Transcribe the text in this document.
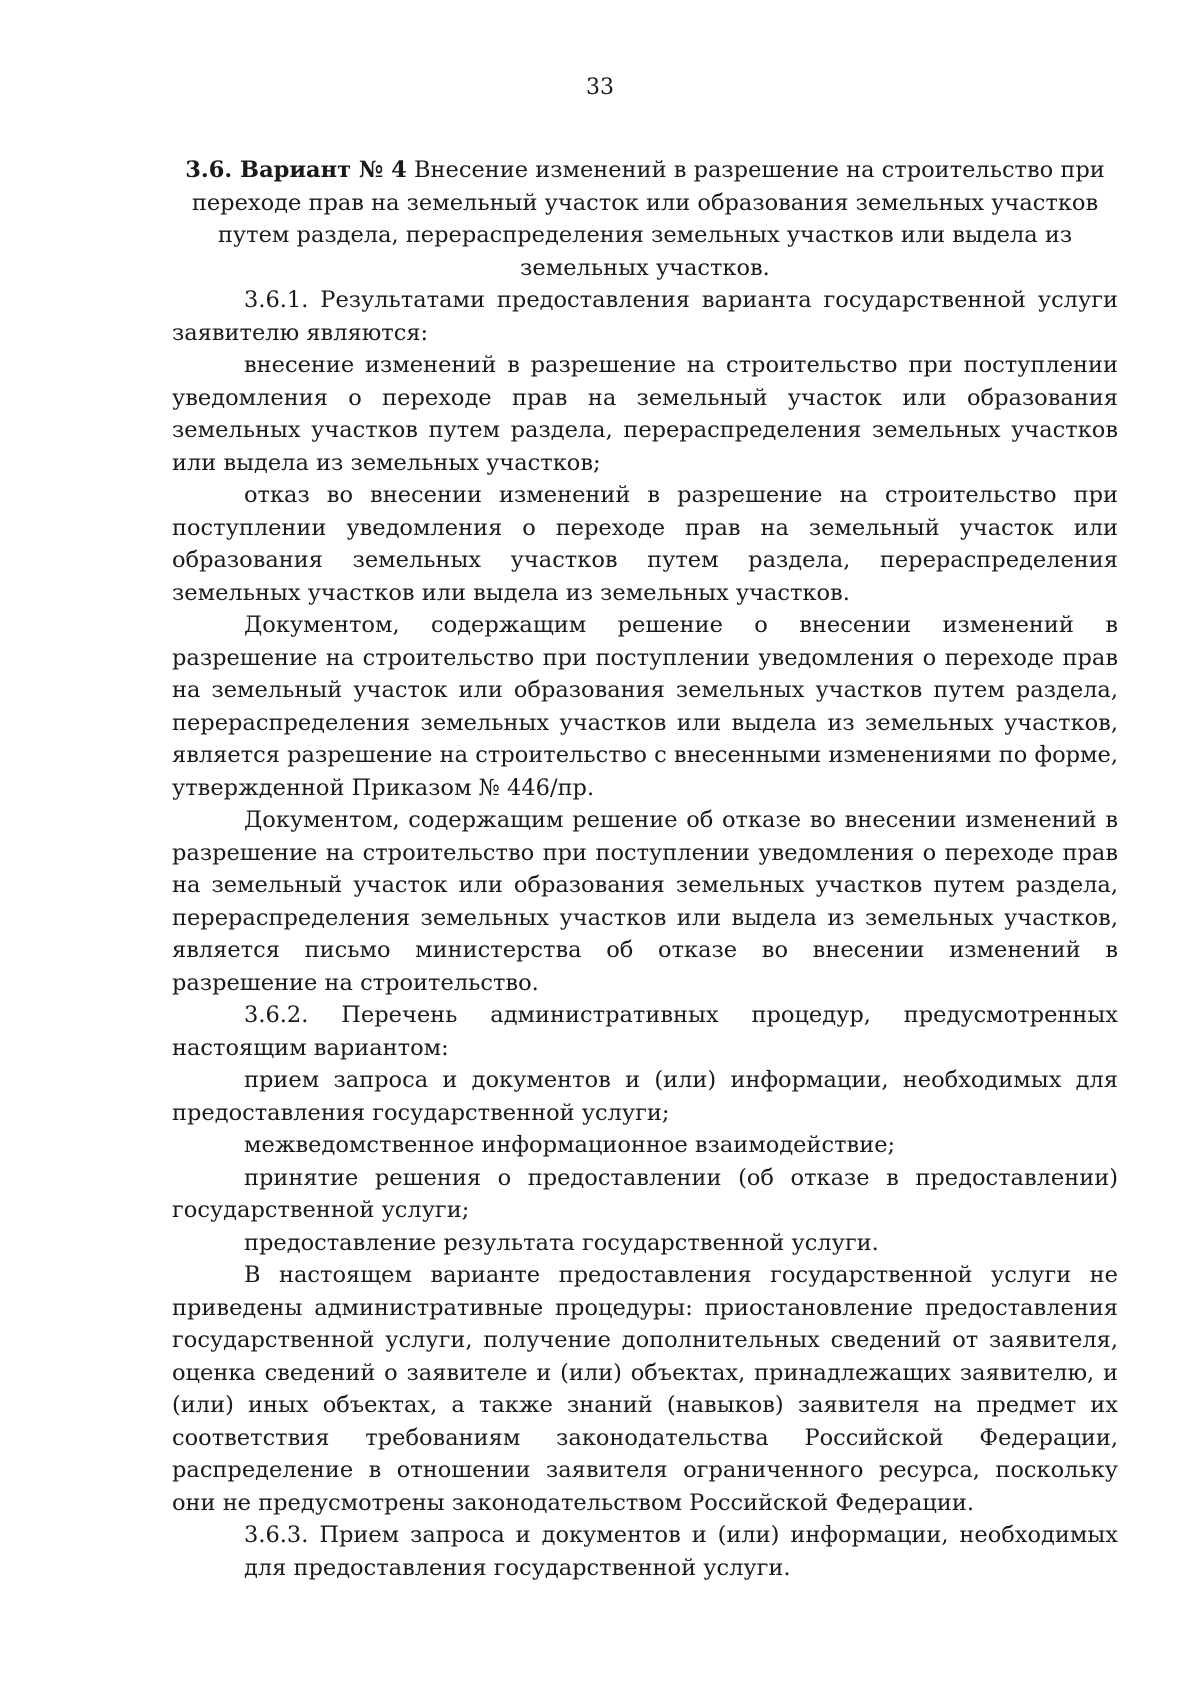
33

3.6. Вариант № 4 Внесение изменений в разрешение на строительство при переходе прав на земельный участок или образования земельных участков путем раздела, перераспределения земельных участков или выдела из земельных участков.

3.6.1. Результатами предоставления варианта государственной услуги заявителю являются:

внесение изменений в разрешение на строительство при поступлении уведомления о переходе прав на земельный участок или образования земельных участков путем раздела, перераспределения земельных участков или выдела из земельных участков;

отказ во внесении изменений в разрешение на строительство при поступлении уведомления о переходе прав на земельный участок или образования земельных участков путем раздела, перераспределения земельных участков или выдела из земельных участков.

Документом, содержащим решение о внесении изменений в разрешение на строительство при поступлении уведомления о переходе прав на земельный участок или образования земельных участков путем раздела, перераспределения земельных участков или выдела из земельных участков, является разрешение на строительство с внесенными изменениями по форме, утвержденной Приказом № 446/пр.

Документом, содержащим решение об отказе во внесении изменений в разрешение на строительство при поступлении уведомления о переходе прав на земельный участок или образования земельных участков путем раздела, перераспределения земельных участков или выдела из земельных участков, является письмо министерства об отказе во внесении изменений в разрешение на строительство.

3.6.2. Перечень административных процедур, предусмотренных настоящим вариантом:

прием запроса и документов и (или) информации, необходимых для предоставления государственной услуги;

межведомственное информационное взаимодействие;

принятие решения о предоставлении (об отказе в предоставлении) государственной услуги;

предоставление результата государственной услуги.

В настоящем варианте предоставления государственной услуги не приведены административные процедуры: приостановление предоставления государственной услуги, получение дополнительных сведений от заявителя, оценка сведений о заявителе и (или) объектах, принадлежащих заявителю, и (или) иных объектах, а также знаний (навыков) заявителя на предмет их соответствия требованиям законодательства Российской Федерации, распределение в отношении заявителя ограниченного ресурса, поскольку они не предусмотрены законодательством Российской Федерации.

3.6.3. Прием запроса и документов и (или) информации, необходимых для предоставления государственной услуги.
